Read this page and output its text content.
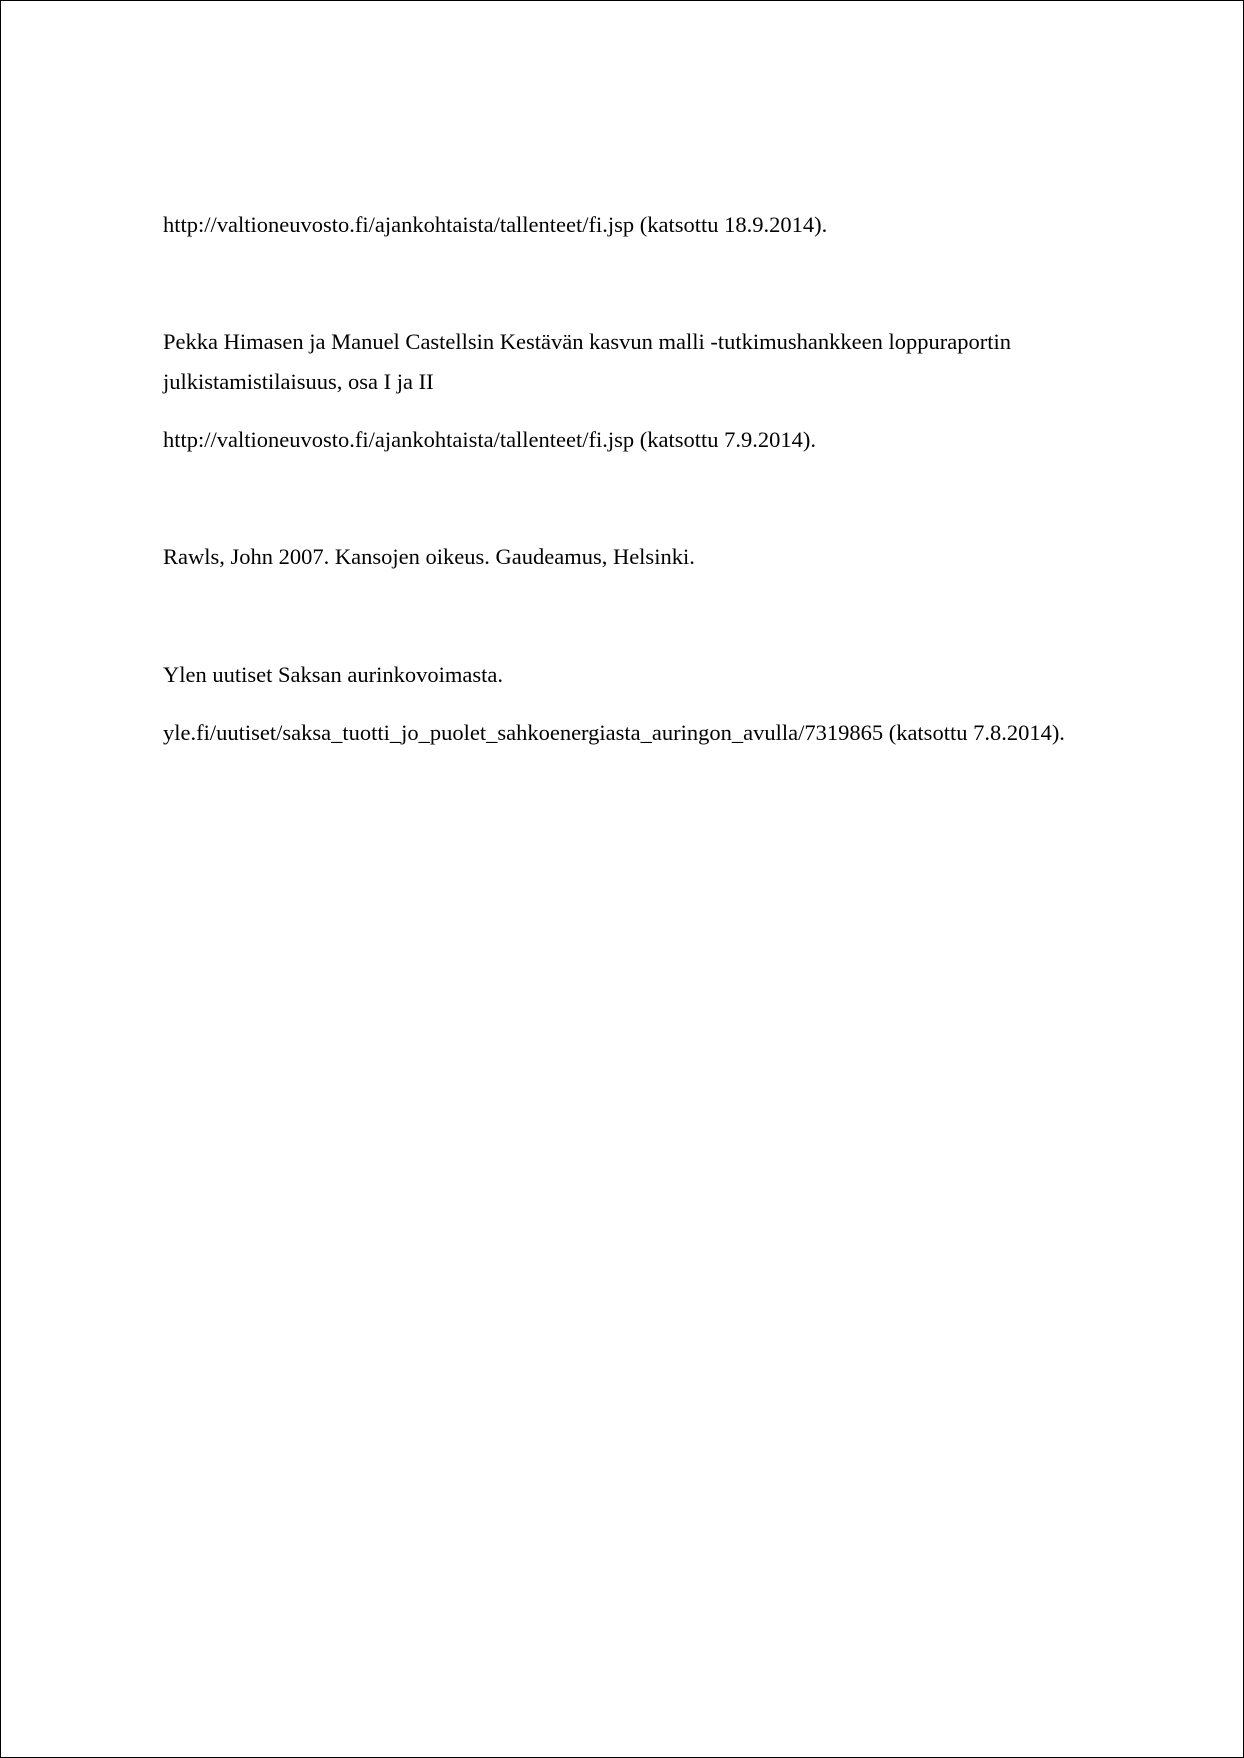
http://valtioneuvosto.fi/ajankohtaista/tallenteet/fi.jsp (katsottu 18.9.2014).
Pekka Himasen ja Manuel Castellsin Kestävän kasvun malli -tutkimushankkeen loppuraportin
julkistamistilaisuus, osa I ja II
http://valtioneuvosto.fi/ajankohtaista/tallenteet/fi.jsp (katsottu 7.9.2014).
Rawls, John 2007. Kansojen oikeus. Gaudeamus, Helsinki.
Ylen uutiset Saksan aurinkovoimasta.
yle.fi/uutiset/saksa_tuotti_jo_puolet_sahkoenergiasta_auringon_avulla/7319865 (katsottu 7.8.2014).
